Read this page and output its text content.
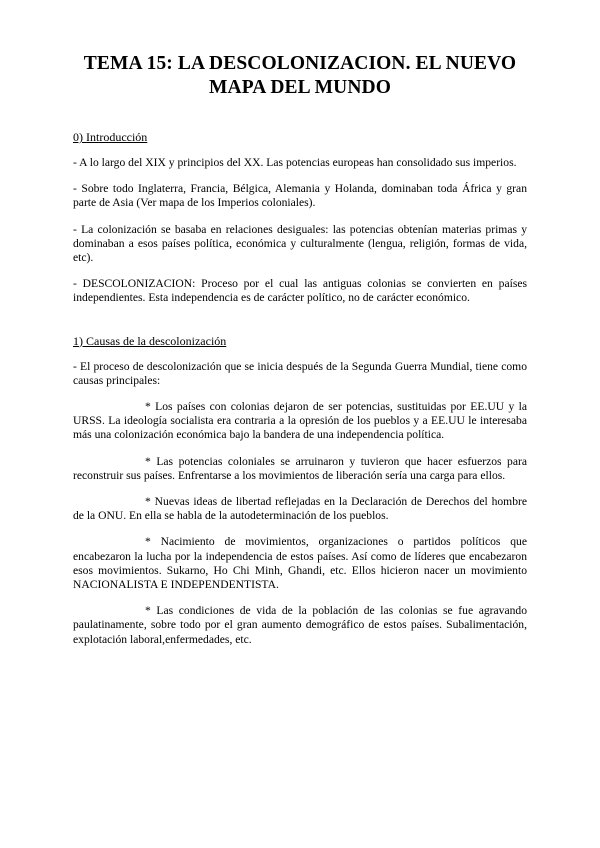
TEMA 15: LA DESCOLONIZACION. EL NUEVO MAPA DEL MUNDO
0) Introducción

- A lo largo del XIX y principios del XX. Las potencias europeas han consolidado sus imperios.

- Sobre todo Inglaterra, Francia, Bélgica, Alemania y Holanda, dominaban toda África y gran parte de Asia (Ver mapa de los Imperios coloniales).

- La colonización se basaba en relaciones desiguales: las potencias obtenían materias primas y dominaban a esos países política, económica y culturalmente (lengua, religión, formas de vida, etc).

- DESCOLONIZACION: Proceso por el cual las antiguas colonias se convierten en países independientes. Esta independencia es de carácter político, no de carácter económico.

1) Causas de la descolonización

- El proceso de descolonización que se inicia después de la Segunda Guerra Mundial, tiene como causas principales:

* Los países con colonias dejaron de ser potencias, sustituidas por EE.UU y la URSS. La ideología socialista era contraria a la opresión de los pueblos y a EE.UU le interesaba más una colonización económica bajo la bandera de una independencia política.

* Las potencias coloniales se arruinaron y tuvieron que hacer esfuerzos para reconstruir sus países. Enfrentarse a los movimientos de liberación sería una carga para ellos.

* Nuevas ideas de libertad reflejadas en la Declaración de Derechos del hombre de la ONU. En ella se habla de la autodeterminación de los pueblos.

* Nacimiento de movimientos, organizaciones o partidos políticos que encabezaron la lucha por la independencia de estos países. Así como de líderes que encabezaron esos movimientos. Sukarno, Ho Chi Minh, Ghandi, etc. Ellos hicieron nacer un movimiento NACIONALISTA E INDEPENDENTISTA.

* Las condiciones de vida de la población de las colonias se fue agravando paulatinamente, sobre todo por el gran aumento demográfico de estos países. Subalimentación, explotación laboral,enfermedades, etc.
